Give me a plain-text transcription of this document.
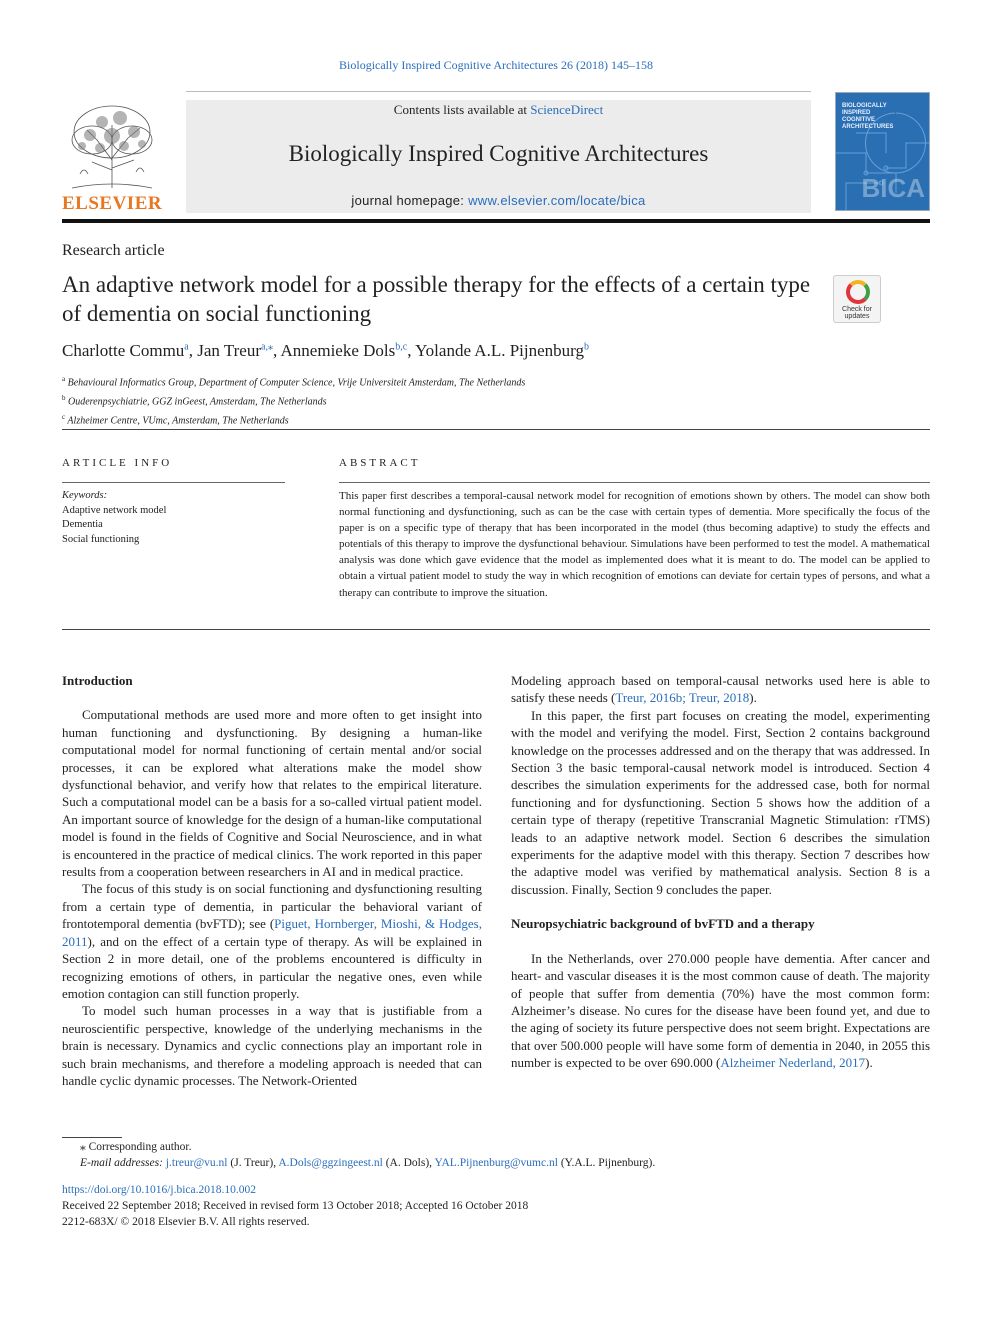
Biologically Inspired Cognitive Architectures 26 (2018) 145–158
ELSEVIER
Contents lists available at ScienceDirect
Biologically Inspired Cognitive Architectures
journal homepage: www.elsevier.com/locate/bica
BIOLOGICALLY INSPIRED COGNITIVE ARCHITECTURES
BICA
Research article
An adaptive network model for a possible therapy for the effects of a certain type of dementia on social functioning	Check for updates
Charlotte Commu$^a$, Jan Treur$^{a,⁎}$, Annemieke Dols$^{b,c}$, Yolande A.L. Pijnenburg$^b$
$^a$ Behavioural Informatics Group, Department of Computer Science, Vrije Universiteit Amsterdam, The Netherlands
$^b$ Ouderenpsychiatrie, GGZ inGeest, Amsterdam, The Netherlands
$^c$ Alzheimer Centre, VUmc, Amsterdam, The Netherlands
ARTICLE INFO	ABSTRACT
Keywords:
Adaptive network model
Dementia
Social functioning
This paper first describes a temporal-causal network model for recognition of emotions shown by others. The model can show both normal functioning and dysfunctioning, such as can be the case with certain types of dementia. More specifically the focus of the paper is on a specific type of therapy that has been incorporated in the model (thus becoming adaptive) to study the effects and potentials of this therapy to improve the dysfunctional behaviour. Simulations have been performed to test the model. A mathematical analysis was done which gave evidence that the model as implemented does what it is meant to do. The model can be applied to obtain a virtual patient model to study the way in which recognition of emotions can deviate for certain types of persons, and what a therapy can contribute to improve the situation.
Introduction

Computational methods are used more and more often to get insight into human functioning and dysfunctioning. By designing a human-like computational model for normal functioning of certain mental and/or social processes, it can be explored what alterations make the model show dysfunctional behavior, and verify how that relates to the empirical literature. Such a computational model can be a basis for a so-called virtual patient model. An important source of knowledge for the design of a human-like computational model is found in the fields of Cognitive and Social Neuroscience, and in what is encountered in the practice of medical clinics. The work reported in this paper results from a cooperation between researchers in AI and in medical practice.

The focus of this study is on social functioning and dysfunctioning resulting from a certain type of dementia, in particular the behavioral variant of frontotemporal dementia (bvFTD); see (Piguet, Hornberger, Mioshi, & Hodges, 2011), and on the effect of a certain type of therapy. As will be explained in Section 2 in more detail, one of the problems encountered is difficulty in recognizing emotions of others, in particular the negative ones, even while emotion contagion can still function properly.

To model such human processes in a way that is justifiable from a neuroscientific perspective, knowledge of the underlying mechanisms in the brain is necessary. Dynamics and cyclic connections play an important role in such brain mechanisms, and therefore a modeling approach is needed that can handle cyclic dynamic processes. The Network-Oriented

Modeling approach based on temporal-causal networks used here is able to satisfy these needs (Treur, 2016b; Treur, 2018).

In this paper, the first part focuses on creating the model, experimenting with the model and verifying the model. First, Section 2 contains background knowledge on the processes addressed and on the therapy that was addressed. In Section 3 the basic temporal-causal network model is introduced. Section 4 describes the simulation experiments for the addressed case, both for normal functioning and for dysfunctioning. Section 5 shows how the addition of a certain type of therapy (repetitive Transcranial Magnetic Stimulation: rTMS) leads to an adaptive network model. Section 6 describes the simulation experiments for the adaptive model with this therapy. Section 7 describes how the adaptive model was verified by mathematical analysis. Section 8 is a discussion. Finally, Section 9 concludes the paper.

Neuropsychiatric background of bvFTD and a therapy

In the Netherlands, over 270.000 people have dementia. After cancer and heart- and vascular diseases it is the most common cause of death. The majority of people that suffer from dementia (70%) have the most common form: Alzheimer’s disease. No cures for the disease have been found yet, and due to the aging of society its future perspective does not seem bright. Expectations are that over 500.000 people will have some form of dementia in 2040, in 2055 this number is expected to be over 690.000 (Alzheimer Nederland, 2017).

⁎ Corresponding author.
E-mail addresses: j.treur@vu.nl (J. Treur), A.Dols@ggzingeest.nl (A. Dols), YAL.Pijnenburg@vumc.nl (Y.A.L. Pijnenburg).
https://doi.org/10.1016/j.bica.2018.10.002
Received 22 September 2018; Received in revised form 13 October 2018; Accepted 16 October 2018
2212-683X/ © 2018 Elsevier B.V. All rights reserved.
